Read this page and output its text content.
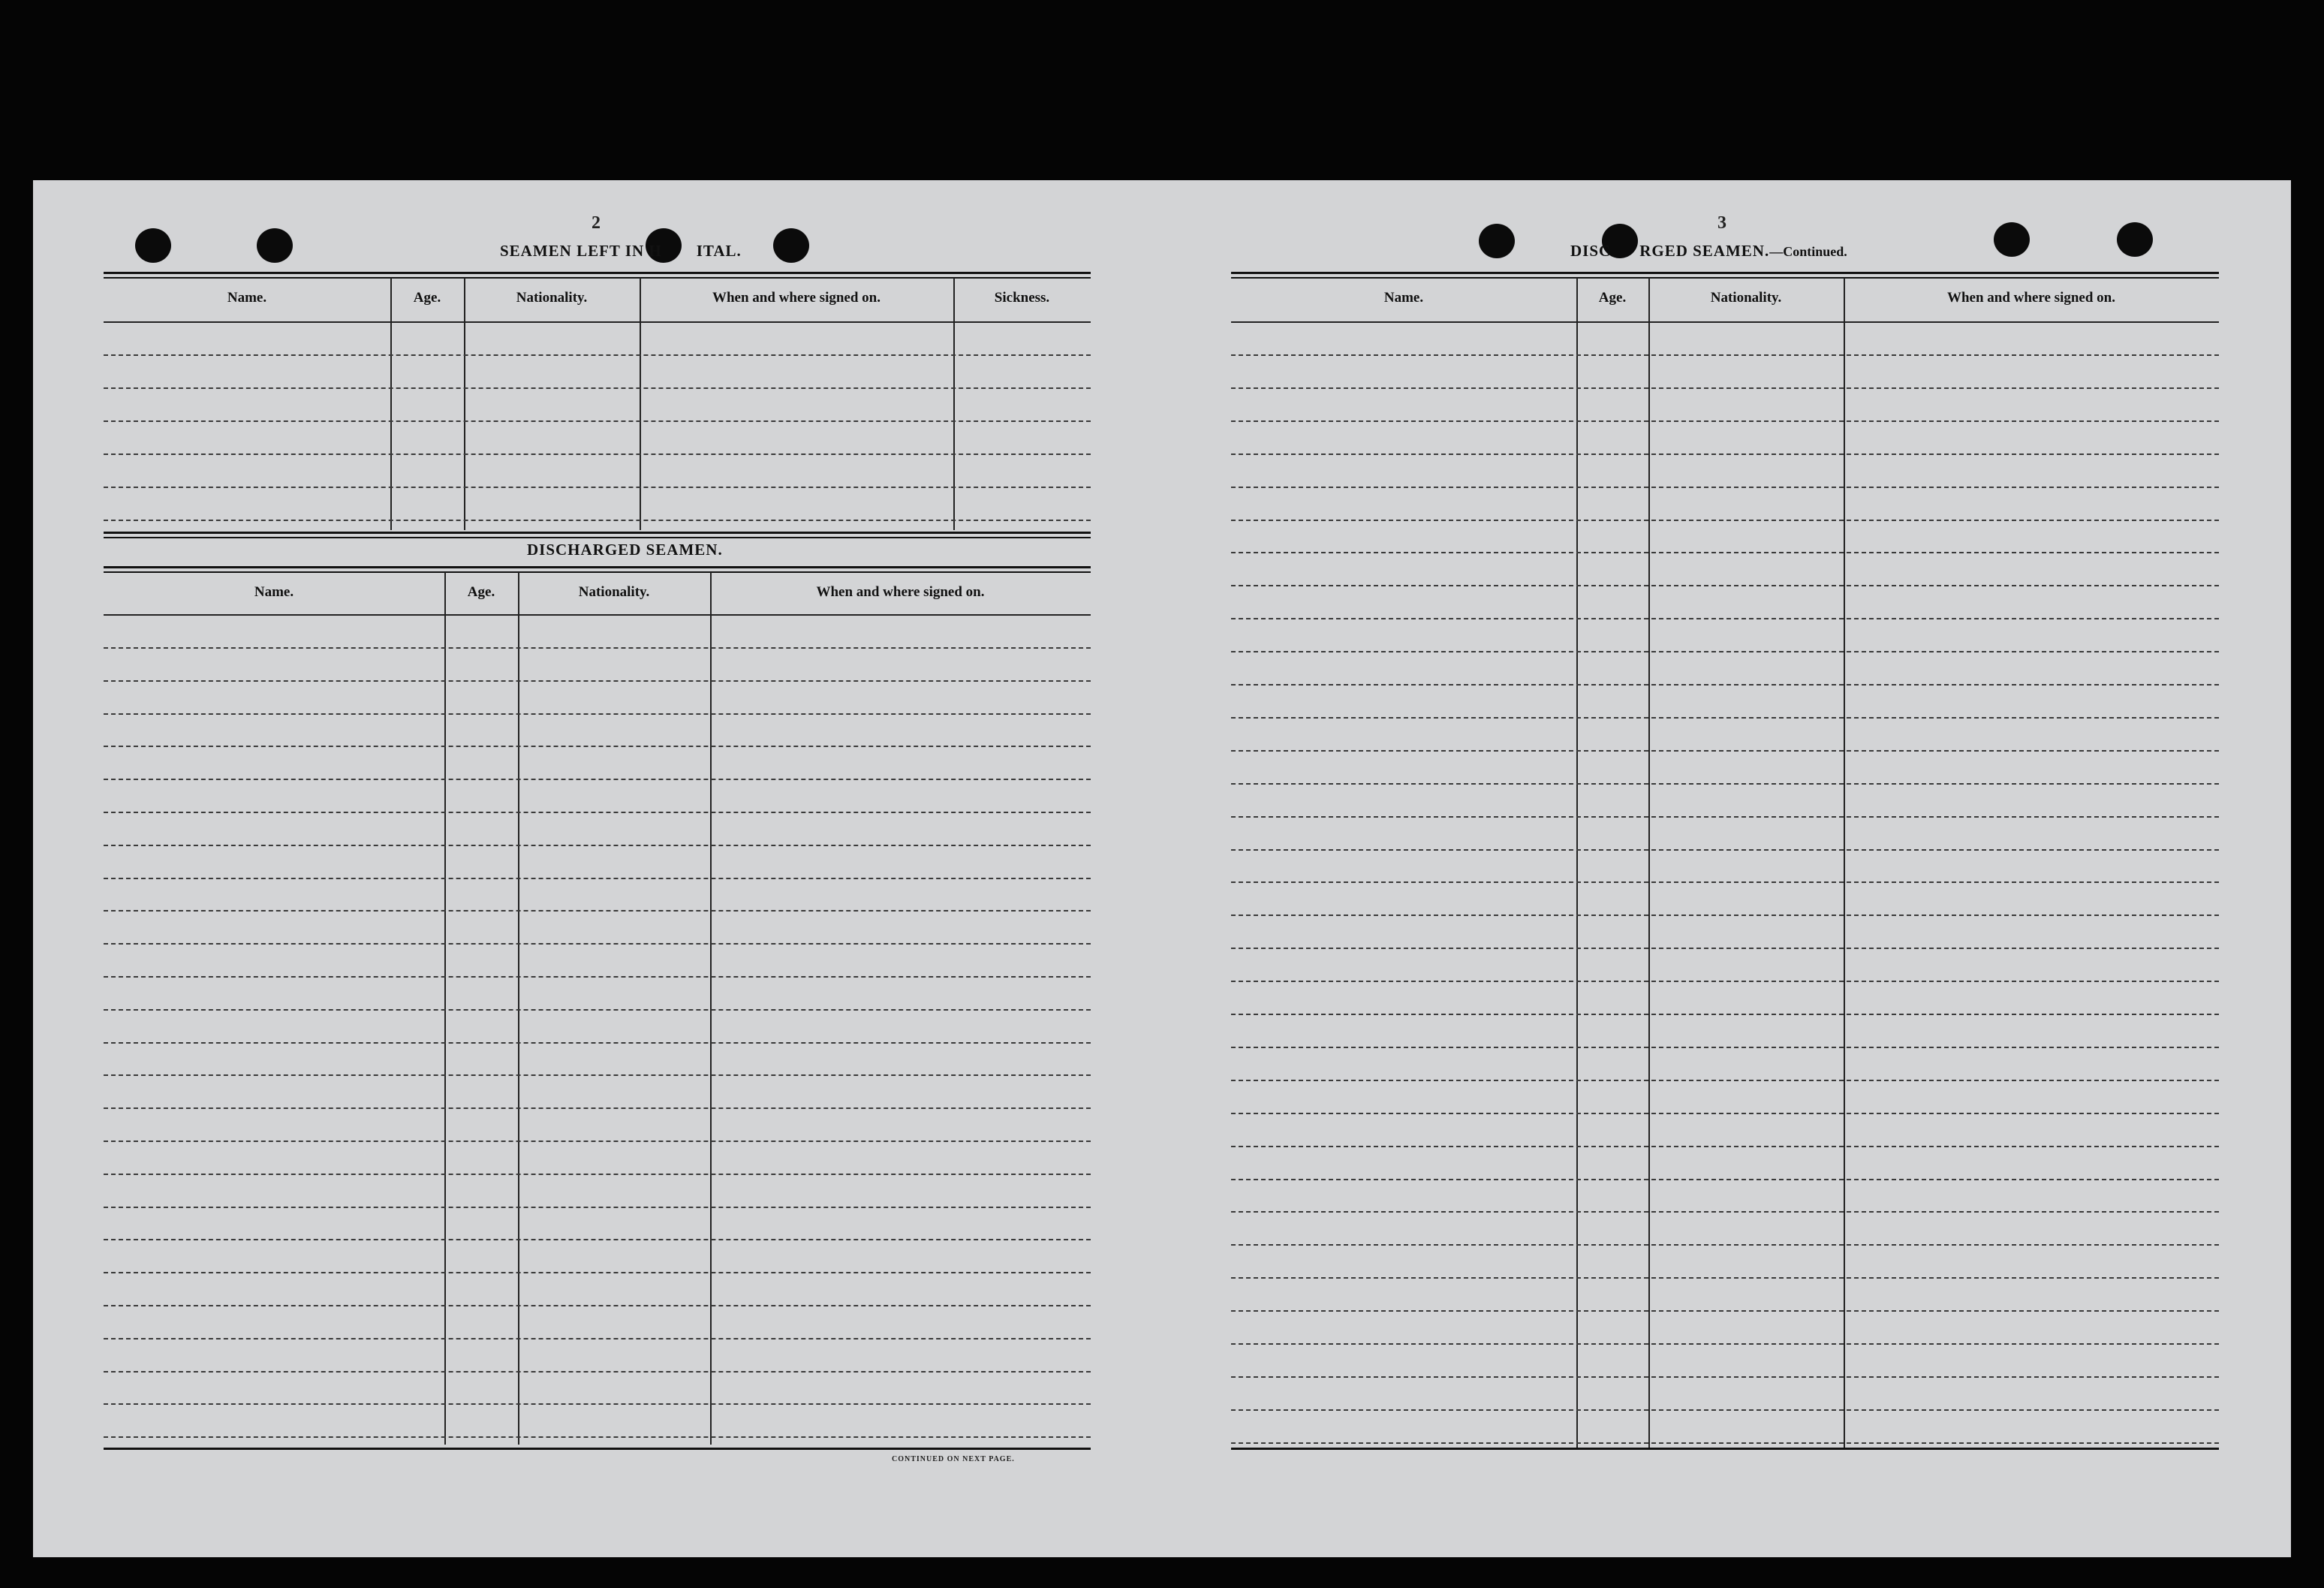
2
SEAMEN LEFT IN H ITAL.
Name.	Age.	Nationality.	When and where signed on.	Sickness.
DISCHARGED SEAMEN.
Name.	Age.	Nationality.	When and where signed on.
CONTINUED ON NEXT PAGE.
3
DISC RGED SEAMEN.—Continued.
Name.	Age.	Nationality.	When and where signed on.
